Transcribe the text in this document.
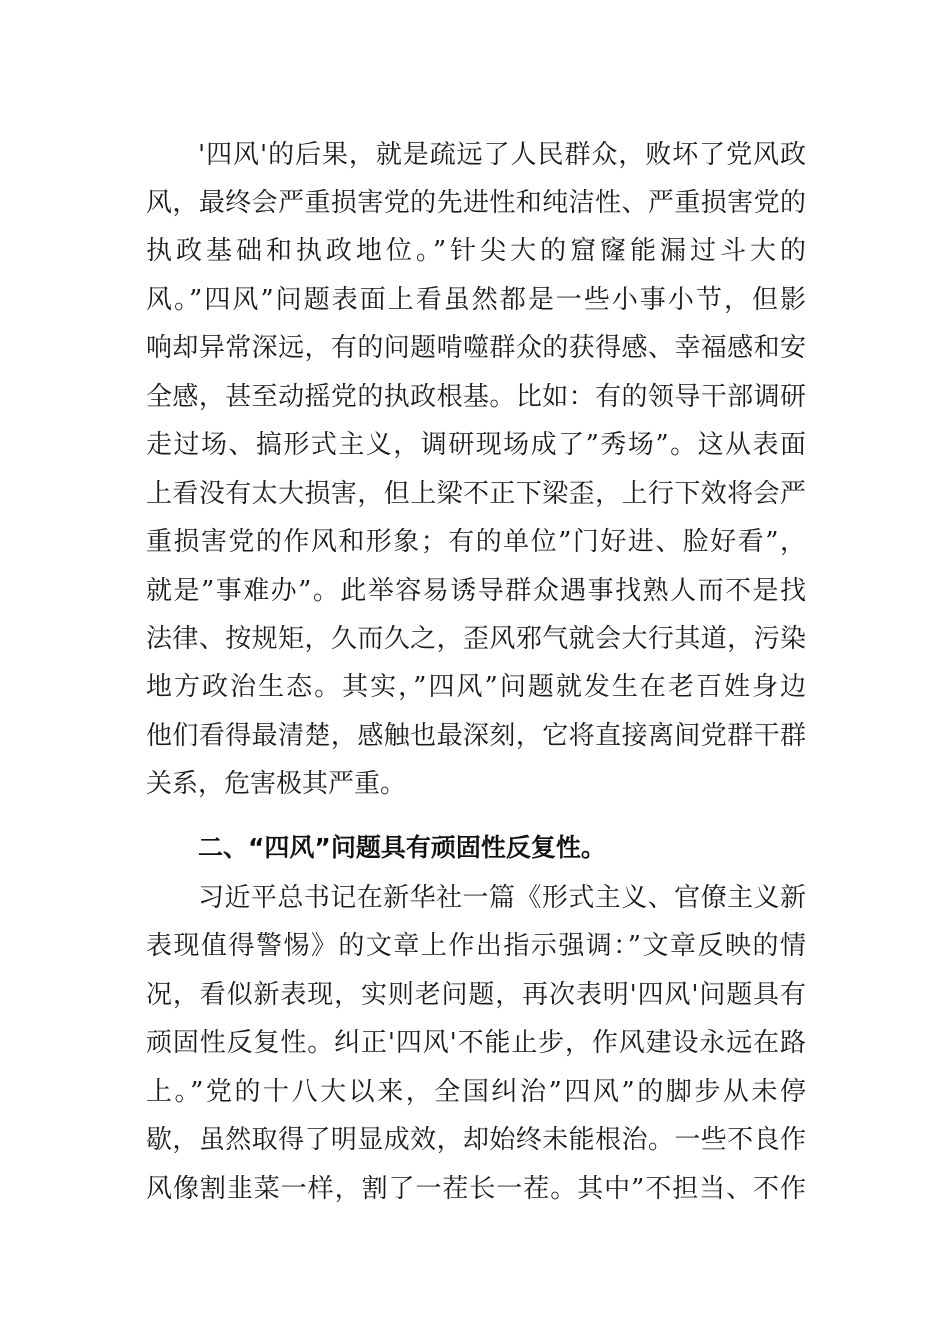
'四风'的后果，就是疏远了人民群众，败坏了党风政
风，最终会严重损害党的先进性和纯洁性、严重损害党的
执政基础和执政地位。”针尖大的窟窿能漏过斗大的
风。”四风”问题表面上看虽然都是一些小事小节，但影
响却异常深远，有的问题啃噬群众的获得感、幸福感和安
全感，甚至动摇党的执政根基。比如：有的领导干部调研
走过场、搞形式主义，调研现场成了”秀场”。这从表面
上看没有太大损害，但上梁不正下梁歪，上行下效将会严
重损害党的作风和形象；有的单位”门好进、脸好看”，
就是”事难办”。此举容易诱导群众遇事找熟人而不是找
法律、按规矩，久而久之，歪风邪气就会大行其道，污染
地方政治生态。其实，”四风”问题就发生在老百姓身边
他们看得最清楚，感触也最深刻，它将直接离间党群干群
关系，危害极其严重。
二、“四风”问题具有顽固性反复性。
习近平总书记在新华社一篇《形式主义、官僚主义新
表现值得警惕》的文章上作出指示强调：”文章反映的情
况，看似新表现，实则老问题，再次表明'四风'问题具有
顽固性反复性。纠正'四风'不能止步，作风建设永远在路
上。”党的十八大以来，全国纠治”四风”的脚步从未停
歇，虽然取得了明显成效，却始终未能根治。一些不良作
风像割韭菜一样，割了一茬长一茬。其中”不担当、不作
